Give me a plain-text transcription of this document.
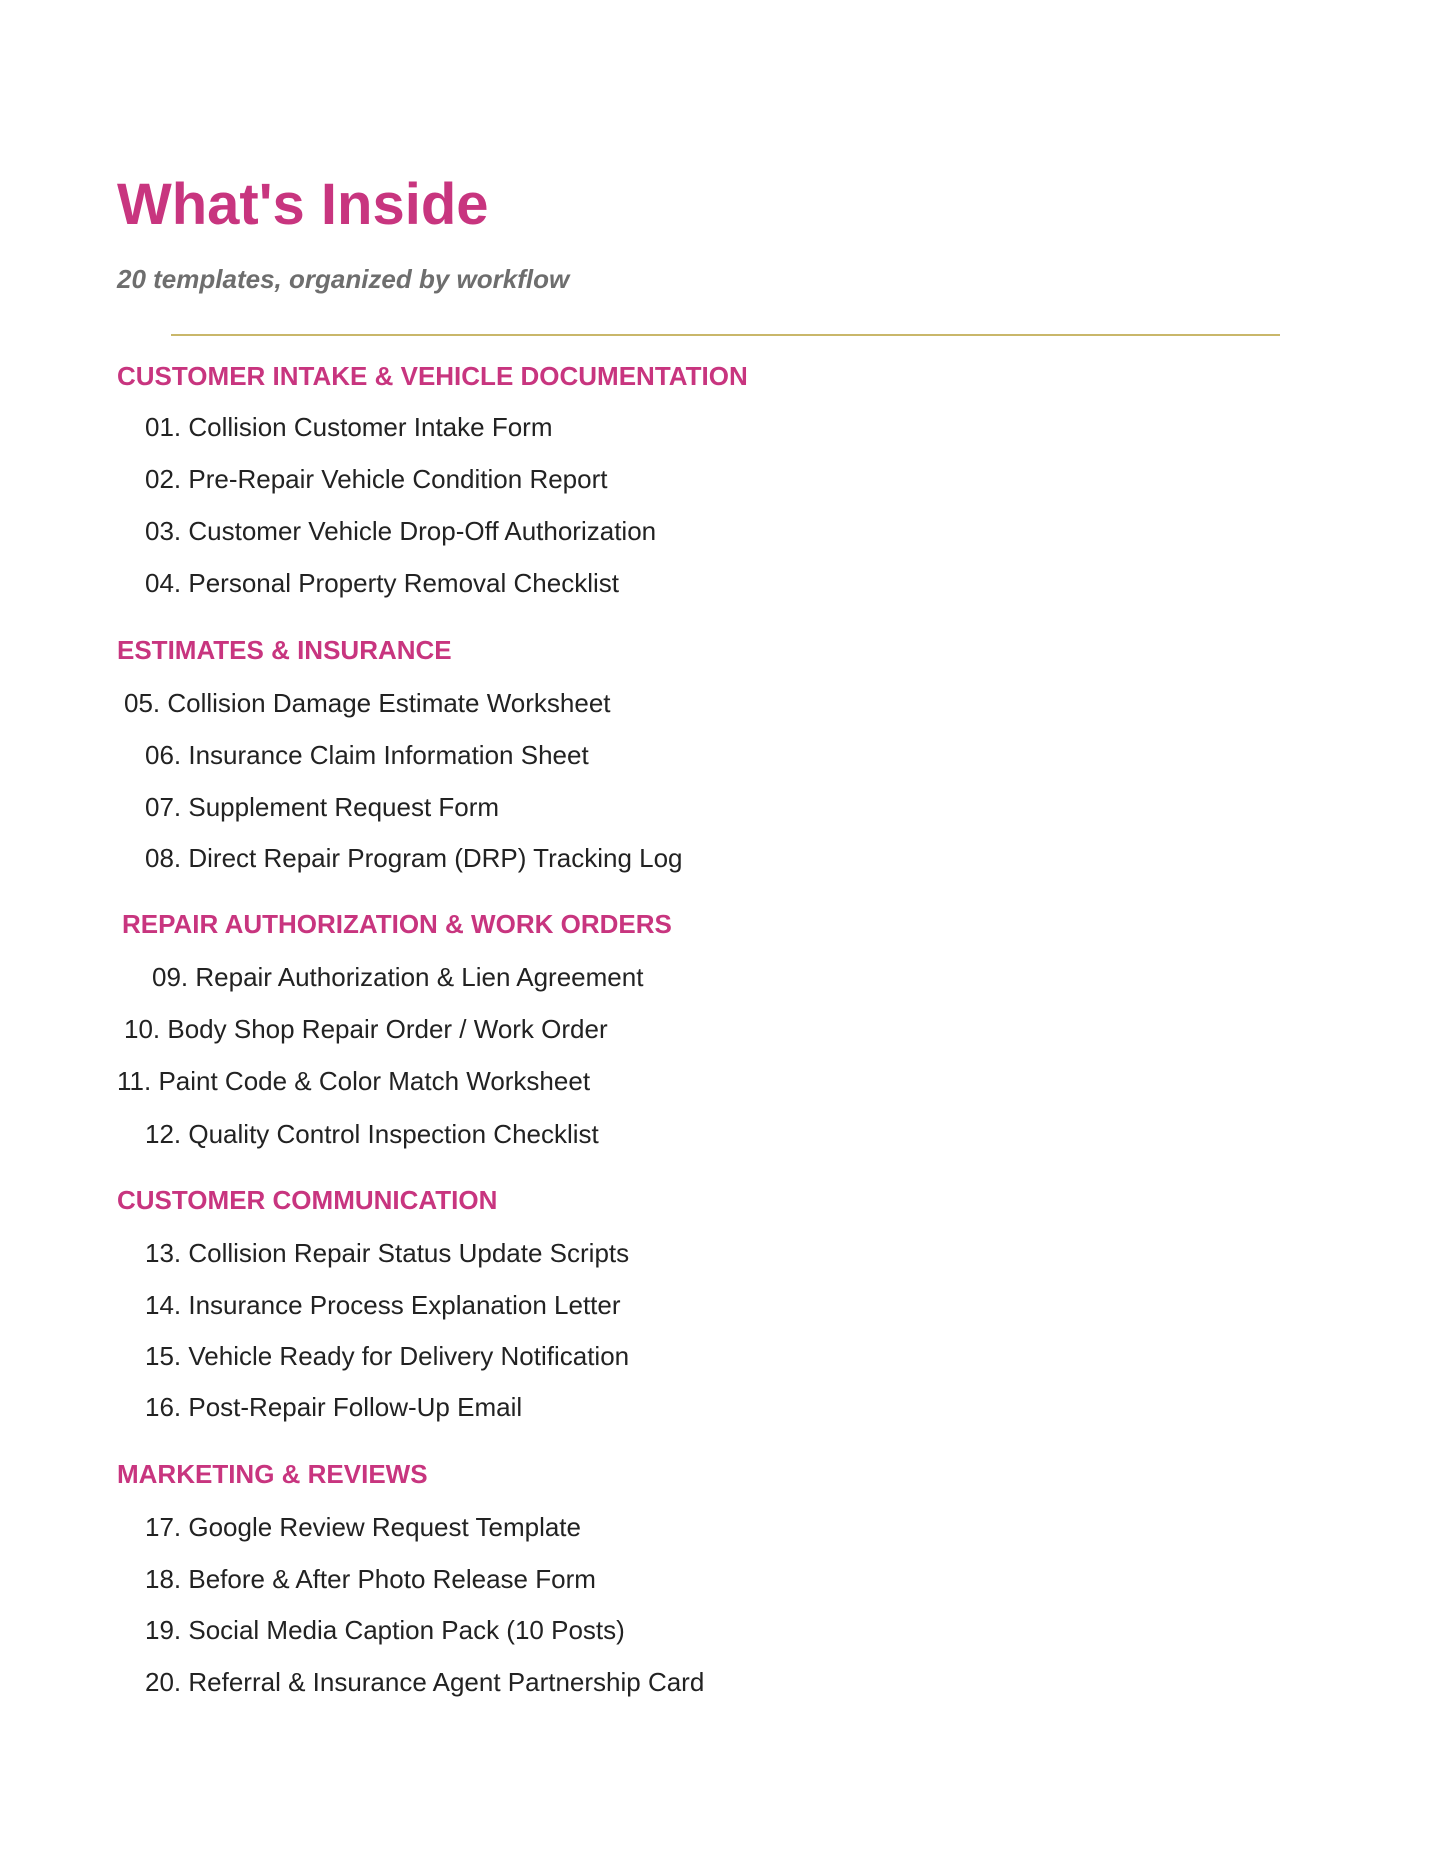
What's Inside

20 templates, organized by workflow

CUSTOMER INTAKE & VEHICLE DOCUMENTATION

01. Collision Customer Intake Form

02. Pre-Repair Vehicle Condition Report

03. Customer Vehicle Drop-Off Authorization

04. Personal Property Removal Checklist

ESTIMATES & INSURANCE

05. Collision Damage Estimate Worksheet

06. Insurance Claim Information Sheet

07. Supplement Request Form

08. Direct Repair Program (DRP) Tracking Log

REPAIR AUTHORIZATION & WORK ORDERS

09. Repair Authorization & Lien Agreement

10. Body Shop Repair Order / Work Order

11. Paint Code & Color Match Worksheet

12. Quality Control Inspection Checklist

CUSTOMER COMMUNICATION

13. Collision Repair Status Update Scripts

14. Insurance Process Explanation Letter

15. Vehicle Ready for Delivery Notification

16. Post-Repair Follow-Up Email

MARKETING & REVIEWS

17. Google Review Request Template

18. Before & After Photo Release Form

19. Social Media Caption Pack (10 Posts)

20. Referral & Insurance Agent Partnership Card
